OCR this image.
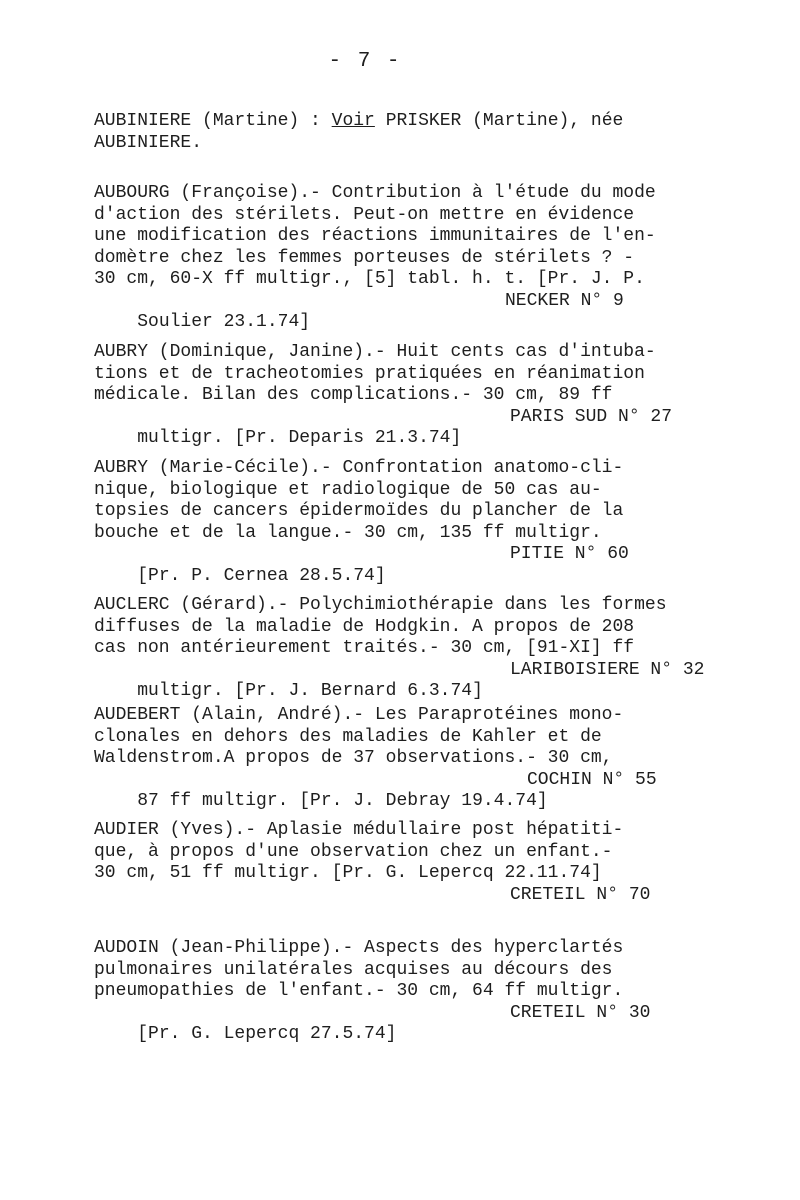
- 7 -
AUBINIERE (Martine) : Voir PRISKER (Martine), née
AUBINIERE.
AUBOURG (Françoise).- Contribution à l'étude du mode
d'action des stérilets. Peut-on mettre en évidence
une modification des réactions immunitaires de l'en-
domètre chez les femmes porteuses de stérilets ? -
30 cm, 60-X ff multigr., [5] tabl. h. t. [Pr. J. P.

Soulier 23.1.74]

NECKER N° 9

AUBRY (Dominique, Janine).- Huit cents cas d'intuba-
tions et de tracheotomies pratiquées en réanimation
médicale. Bilan des complications.- 30 cm, 89 ff

multigr. [Pr. Deparis 21.3.74]

PARIS SUD N° 27

AUBRY (Marie-Cécile).- Confrontation anatomo-cli-
nique, biologique et radiologique de 50 cas au-
topsies de cancers épidermoïdes du plancher de la
bouche et de la langue.- 30 cm, 135 ff multigr.

[Pr. P. Cernea 28.5.74]

PITIE N° 60

AUCLERC (Gérard).- Polychimiothérapie dans les formes
diffuses de la maladie de Hodgkin. A propos de 208
cas non antérieurement traités.- 30 cm, [91-XI] ff

multigr. [Pr. J. Bernard 6.3.74]

LARIBOISIERE N° 32

AUDEBERT (Alain, André).- Les Paraprotéines mono-
clonales en dehors des maladies de Kahler et de
Waldenstrom.A propos de 37 observations.- 30 cm,

87 ff multigr. [Pr. J. Debray 19.4.74]

COCHIN N° 55

AUDIER (Yves).- Aplasie médullaire post hépatiti-
que, à propos d'une observation chez un enfant.-
30 cm, 51 ff multigr. [Pr. G. Lepercq 22.11.74]

CRETEIL N° 70

AUDOIN (Jean-Philippe).- Aspects des hyperclartés
pulmonaires unilatérales acquises au décours des
pneumopathies de l'enfant.- 30 cm, 64 ff multigr.

[Pr. G. Lepercq 27.5.74]

CRETEIL N° 30
